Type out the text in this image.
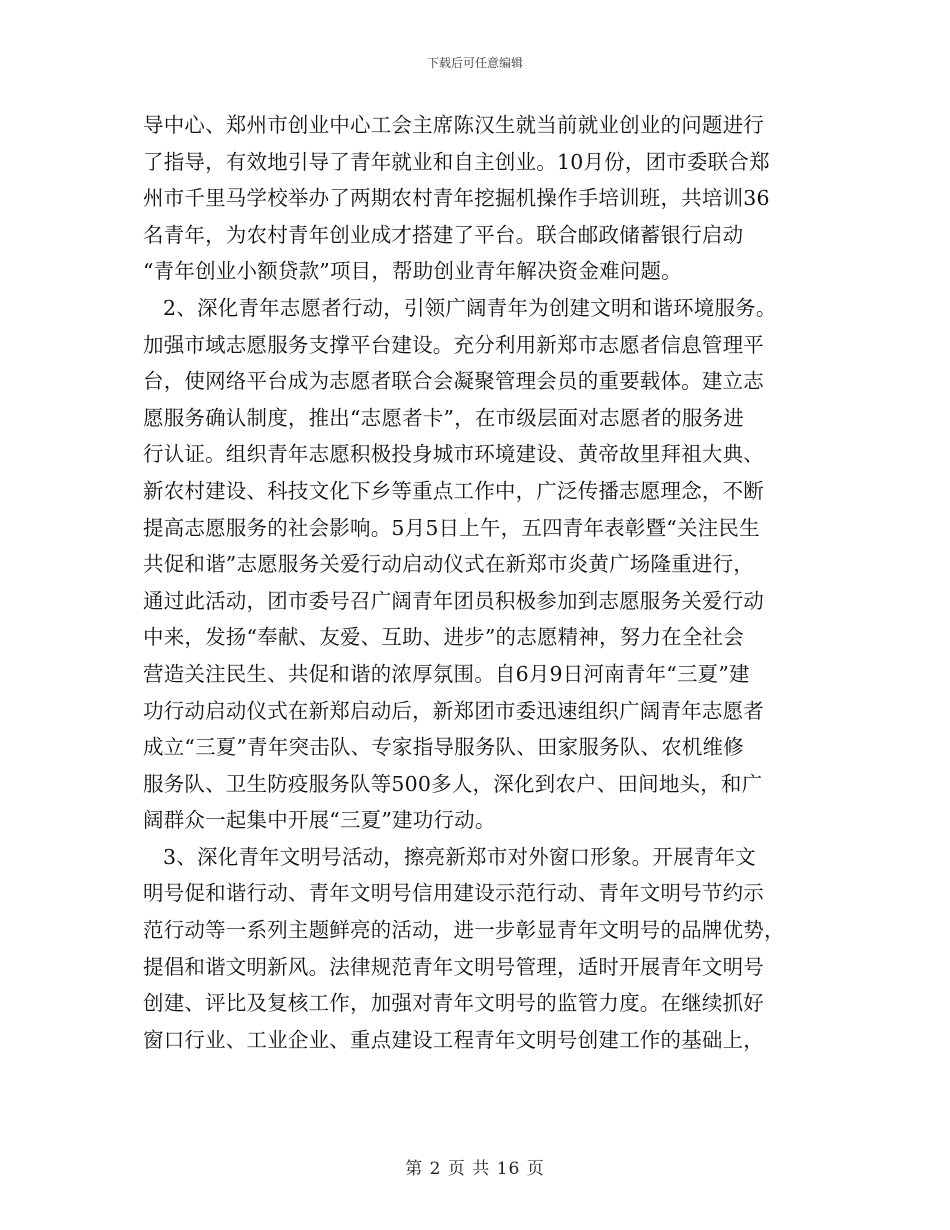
下载后可任意编辑
导中心、郑州市创业中心工会主席陈汉生就当前就业创业的问题进行
了指导，有效地引导了青年就业和自主创业。10月份，团市委联合郑
州市千里马学校举办了两期农村青年挖掘机操作手培训班，共培训36
名青年，为农村青年创业成才搭建了平台。联合邮政储蓄银行启动
“青年创业小额贷款”项目，帮助创业青年解决资金难问题。
2、深化青年志愿者行动，引领广阔青年为创建文明和谐环境服务。
加强市域志愿服务支撑平台建设。充分利用新郑市志愿者信息管理平
台，使网络平台成为志愿者联合会凝聚管理会员的重要载体。建立志
愿服务确认制度，推出“志愿者卡”，在市级层面对志愿者的服务进
行认证。组织青年志愿积极投身城市环境建设、黄帝故里拜祖大典、
新农村建设、科技文化下乡等重点工作中，广泛传播志愿理念，不断
提高志愿服务的社会影响。5月5日上午，五四青年表彰暨“关注民生
共促和谐”志愿服务关爱行动启动仪式在新郑市炎黄广场隆重进行，
通过此活动，团市委号召广阔青年团员积极参加到志愿服务关爱行动
中来，发扬“奉献、友爱、互助、进步”的志愿精神，努力在全社会
营造关注民生、共促和谐的浓厚氛围。自6月9日河南青年“三夏”建
功行动启动仪式在新郑启动后，新郑团市委迅速组织广阔青年志愿者
成立“三夏”青年突击队、专家指导服务队、田家服务队、农机维修
服务队、卫生防疫服务队等500多人，深化到农户、田间地头，和广
阔群众一起集中开展“三夏”建功行动。
3、深化青年文明号活动，擦亮新郑市对外窗口形象。开展青年文
明号促和谐行动、青年文明号信用建设示范行动、青年文明号节约示
范行动等一系列主题鲜亮的活动，进一步彰显青年文明号的品牌优势，
提倡和谐文明新风。法律规范青年文明号管理，适时开展青年文明号
创建、评比及复核工作，加强对青年文明号的监管力度。在继续抓好
窗口行业、工业企业、重点建设工程青年文明号创建工作的基础上，
第 2 页 共 16 页
